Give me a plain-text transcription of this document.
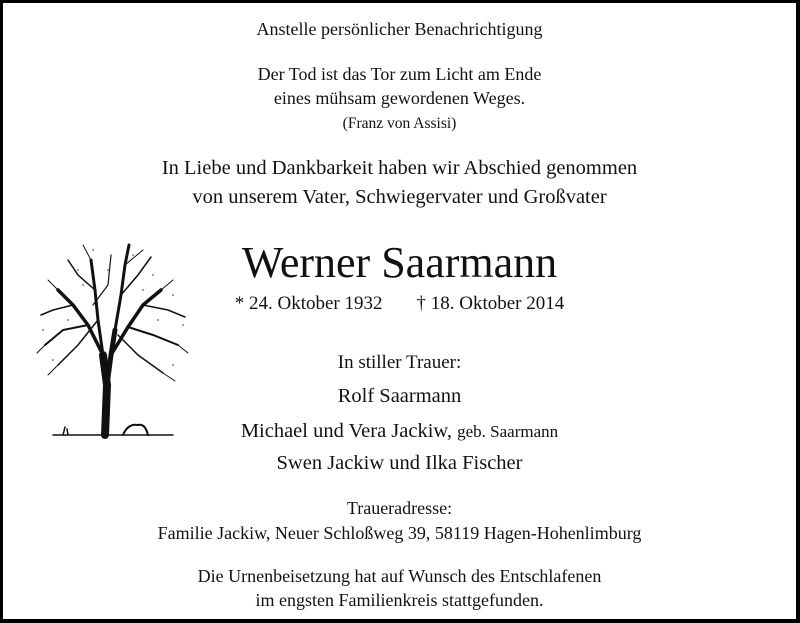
Anstelle persönlicher Benachrichtigung
Der Tod ist das Tor zum Licht am Ende
eines mühsam gewordenen Weges.
(Franz von Assisi)
In Liebe und Dankbarkeit haben wir Abschied genommen
von unserem Vater, Schwiegervater und Großvater
Werner Saarmann
* 24. Oktober 1932 † 18. Oktober 2014
In stiller Trauer:
Rolf Saarmann
Michael und Vera Jackiw, geb. Saarmann
Swen Jackiw und Ilka Fischer
Traueradresse:
Familie Jackiw, Neuer Schloßweg 39, 58119 Hagen-Hohenlimburg
Die Urnenbeisetzung hat auf Wunsch des Entschlafenen
im engsten Familienkreis stattgefunden.
